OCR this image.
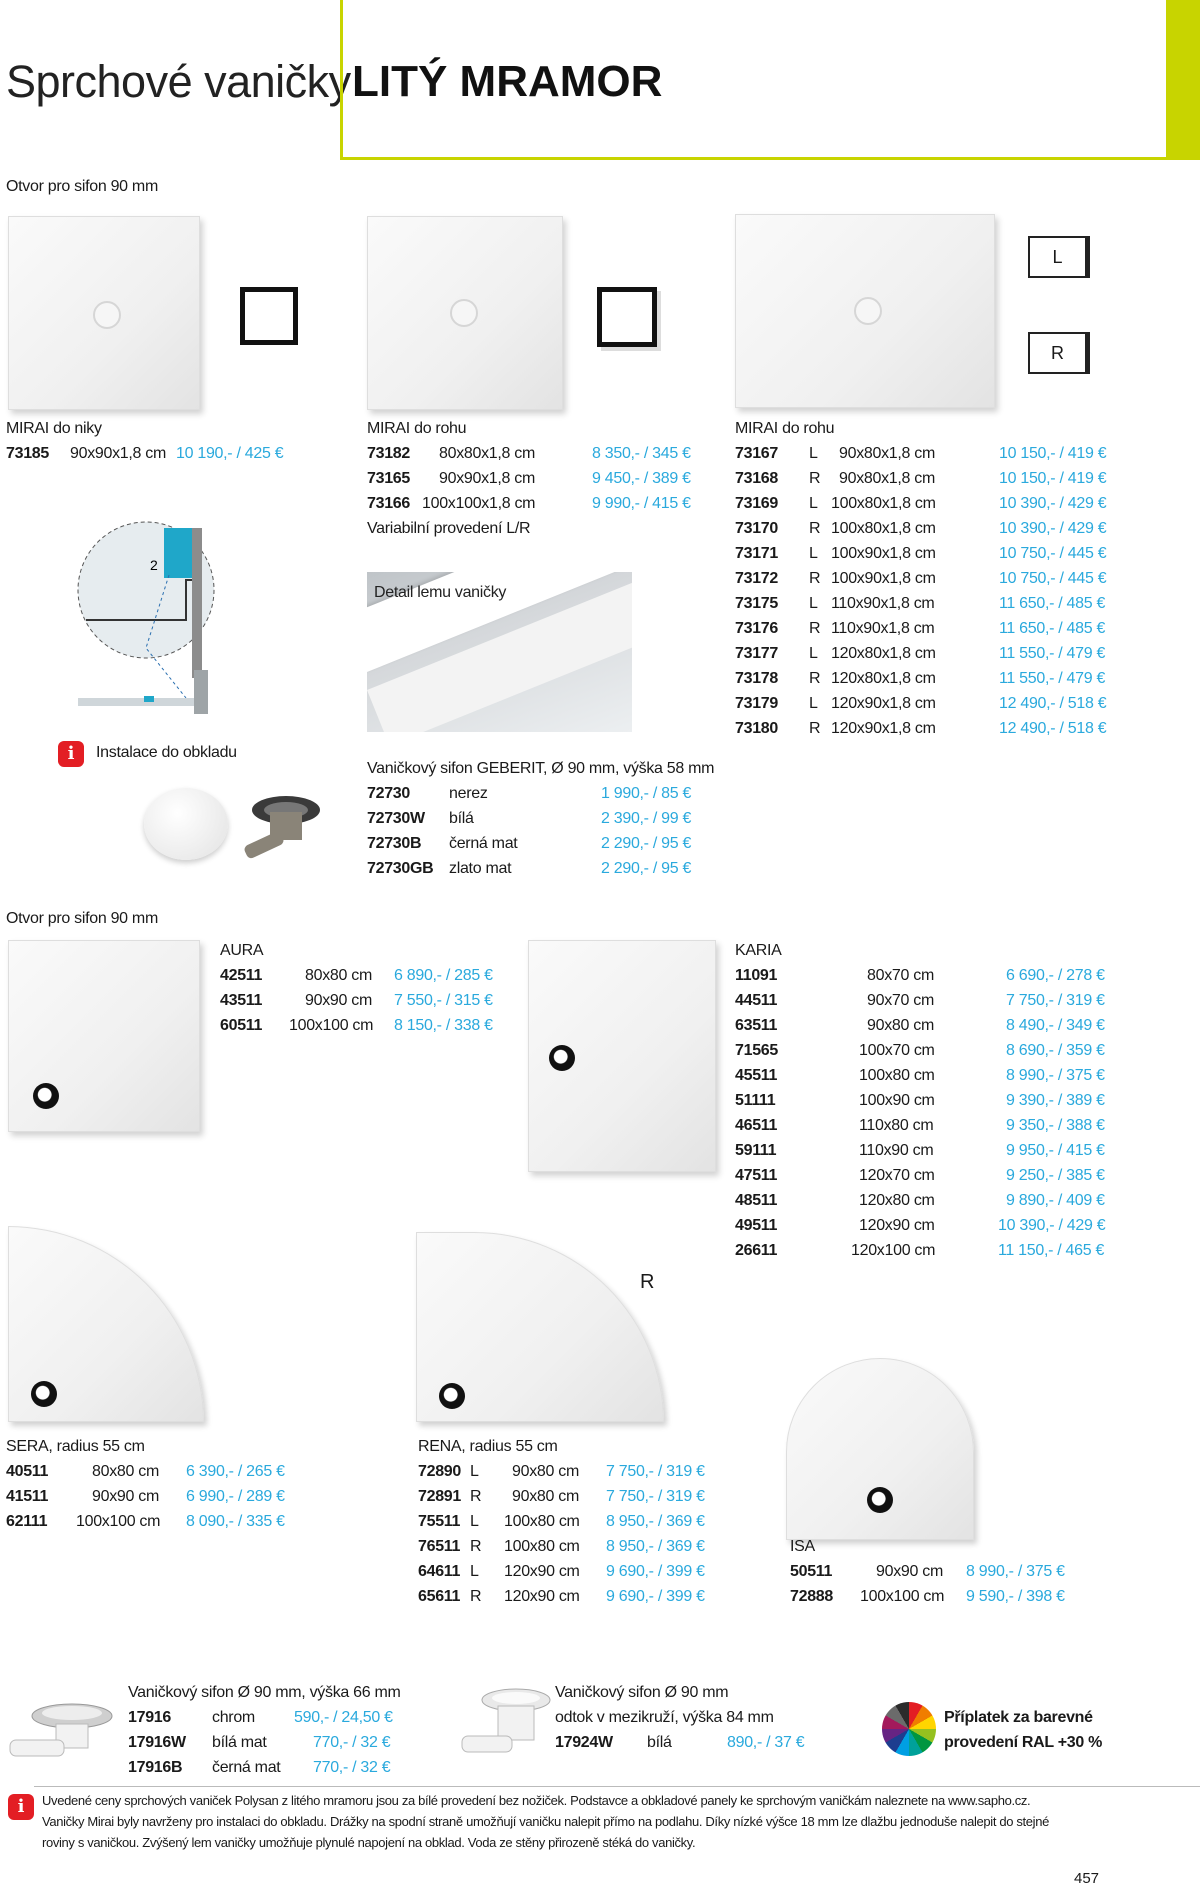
Sprchové vaničky LITÝ MRAMOR
Otvor pro sifon 90 mm
L
R
MIRAI do niky
73185 90x90x1,8 cm 10 190,- / 425 €
2
i	Instalace do obkladu
MIRAI do rohu
73182 80x80x1,8 cm	8 350,- / 345 €
73165 90x90x1,8 cm	9 450,- / 389 €
73166 100x100x1,8 cm	9 990,- / 415 €
Variabilní provedení L/R
Detail lemu vaničky
Vaničkový sifon GEBERIT, Ø 90 mm, výška 58 mm
72730 nerez	1 990,- / 85 €
72730W bílá	2 390,- / 99 €
72730B černá mat	2 290,- / 95 €
72730GB zlato mat	2 290,- / 95 €
MIRAI do rohu
73167 L 90x80x1,8 cm	10 150,- / 419 €
73168 R 90x80x1,8 cm	10 150,- / 419 €
73169 L 100x80x1,8 cm	10 390,- / 429 €
73170 R 100x80x1,8 cm	10 390,- / 429 €
73171 L 100x90x1,8 cm	10 750,- / 445 €
73172 R 100x90x1,8 cm	10 750,- / 445 €
73175 L 110x90x1,8 cm	11 650,- / 485 €
73176 R 110x90x1,8 cm	11 650,- / 485 €
73177 L 120x80x1,8 cm	11 550,- / 479 €
73178 R 120x80x1,8 cm	11 550,- / 479 €
73179 L 120x90x1,8 cm	12 490,- / 518 €
73180 R 120x90x1,8 cm	12 490,- / 518 €
Otvor pro sifon 90 mm
AURA
42511	80x80 cm 6 890,- / 285 €
43511	90x90 cm 7 550,- / 315 €
60511 100x100 cm 8 150,- / 338 €
KARIA
11091	80x70 cm	6 690,- / 278 €
44511	90x70 cm	7 750,- / 319 €
63511	90x80 cm	8 490,- / 349 €
71565	100x70 cm	8 690,- / 359 €
45511	100x80 cm	8 990,- / 375 €
51111	100x90 cm	9 390,- / 389 €
46511	110x80 cm	9 350,- / 388 €
59111	110x90 cm	9 950,- / 415 €
47511	120x70 cm	9 250,- / 385 €
48511	120x80 cm	9 890,- / 409 €
49511	120x90 cm	10 390,- / 429 €
26611	120x100 cm	11 150,- / 465 €
R
SERA, radius 55 cm
40511	80x80 cm 6 390,- / 265 €
41511	90x90 cm 6 990,- / 289 €
62111 100x100 cm 8 090,- / 335 €
RENA, radius 55 cm
72890 L 90x80 cm 7 750,- / 319 €
72891 R 90x80 cm 7 750,- / 319 €
75511 L 100x80 cm 8 950,- / 369 €
76511 R 100x80 cm 8 950,- / 369 €
64611 L 120x90 cm 9 690,- / 399 €
65611 R 120x90 cm 9 690,- / 399 €
ISA
50511	90x90 cm 8 990,- / 375 €
72888 100x100 cm 9 590,- / 398 €
Vaničkový sifon Ø 90 mm, výška 66 mm
17916	chrom 590,- / 24,50 €
17916W bílá mat	770,- / 32 €
17916B černá mat 770,- / 32 €
Vaničkový sifon Ø 90 mm
odtok v mezikruží, výška 84 mm
17924W bílá	890,- / 37 €
Příplatek za barevné
provedení RAL +30 %
i	Uvedené ceny sprchových vaniček Polysan z litého mramoru jsou za bílé provedení bez nožiček. Podstavce a obkladové panely ke sprchovým vaničkám naleznete na www.sapho.cz.
Vaničky Mirai byly navrženy pro instalaci do obkladu. Drážky na spodní straně umožňují vaničku nalepit přímo na podlahu. Díky nízké výšce 18 mm lze dlažbu jednoduše nalepit do stejné
roviny s vaničkou. Zvýšený lem vaničky umožňuje plynulé napojení na obklad. Voda ze stěny přirozeně stéká do vaničky.
457
